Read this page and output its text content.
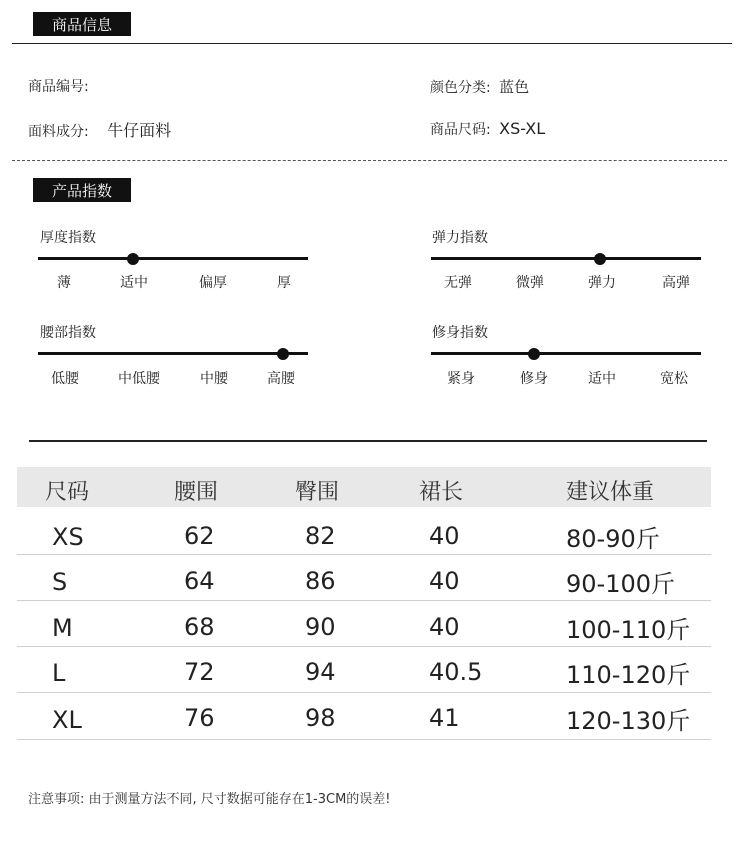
商品信息
商品编号:	颜色分类: 蓝色
面料成分: 牛仔面料	商品尺码: XS-XL
产品指数
厚度指数
薄	适中	偏厚	厚
弹力指数
无弹	微弹	弹力	高弹
腰部指数
低腰	中低腰	中腰	高腰
修身指数
紧身	修身	适中	宽松
尺码	腰围	臀围	裙长	建议体重
XS	62	82	40	80-90斤
S	64	86	40	90-100斤
M	68	90	40	100-110斤
L	72	94	40.5	110-120斤
XL	76	98	41	120-130斤
注意事项: 由于测量方法不同, 尺寸数据可能存在1-3CM的误差!
